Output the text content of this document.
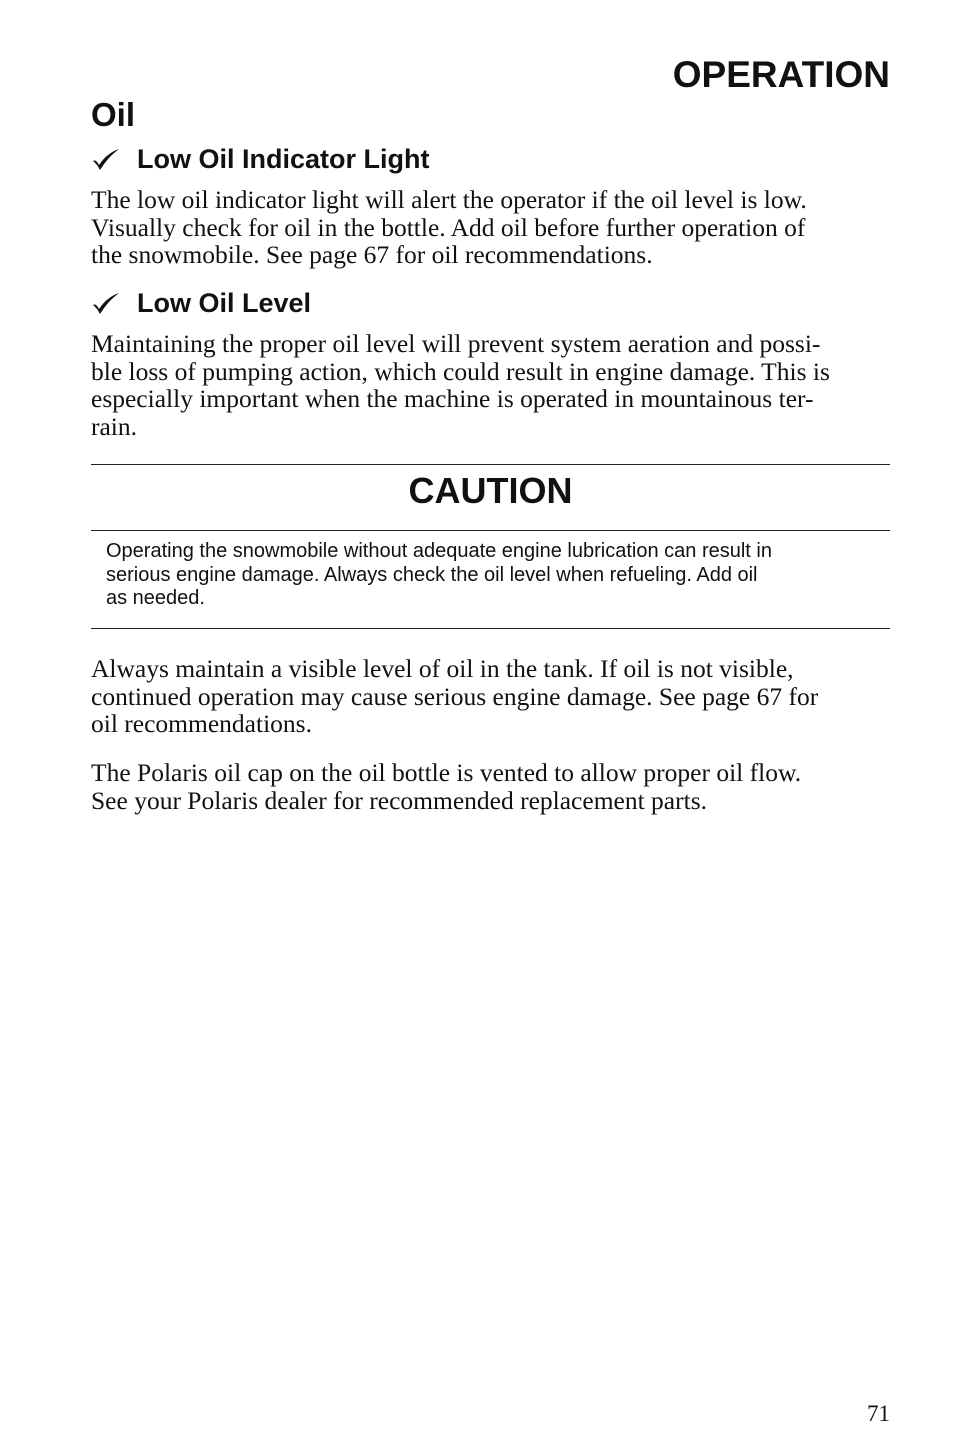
OPERATION
Oil
Low Oil Indicator Light

The low oil indicator light will alert the operator if the oil level is low.
Visually check for oil in the bottle. Add oil before further operation of
the snowmobile. See page 67 for oil recommendations.

Low Oil Level

Maintaining the proper oil level will prevent system aeration and possi-
ble loss of pumping action, which could result in engine damage. This is
especially important when the machine is operated in mountainous ter-
rain.

CAUTION

Operating the snowmobile without adequate engine lubrication can result in
serious engine damage. Always check the oil level when refueling. Add oil
as needed.

Always maintain a visible level of oil in the tank. If oil is not visible,
continued operation may cause serious engine damage. See page 67 for
oil recommendations.

The Polaris oil cap on the oil bottle is vented to allow proper oil flow.
See your Polaris dealer for recommended replacement parts.

71
